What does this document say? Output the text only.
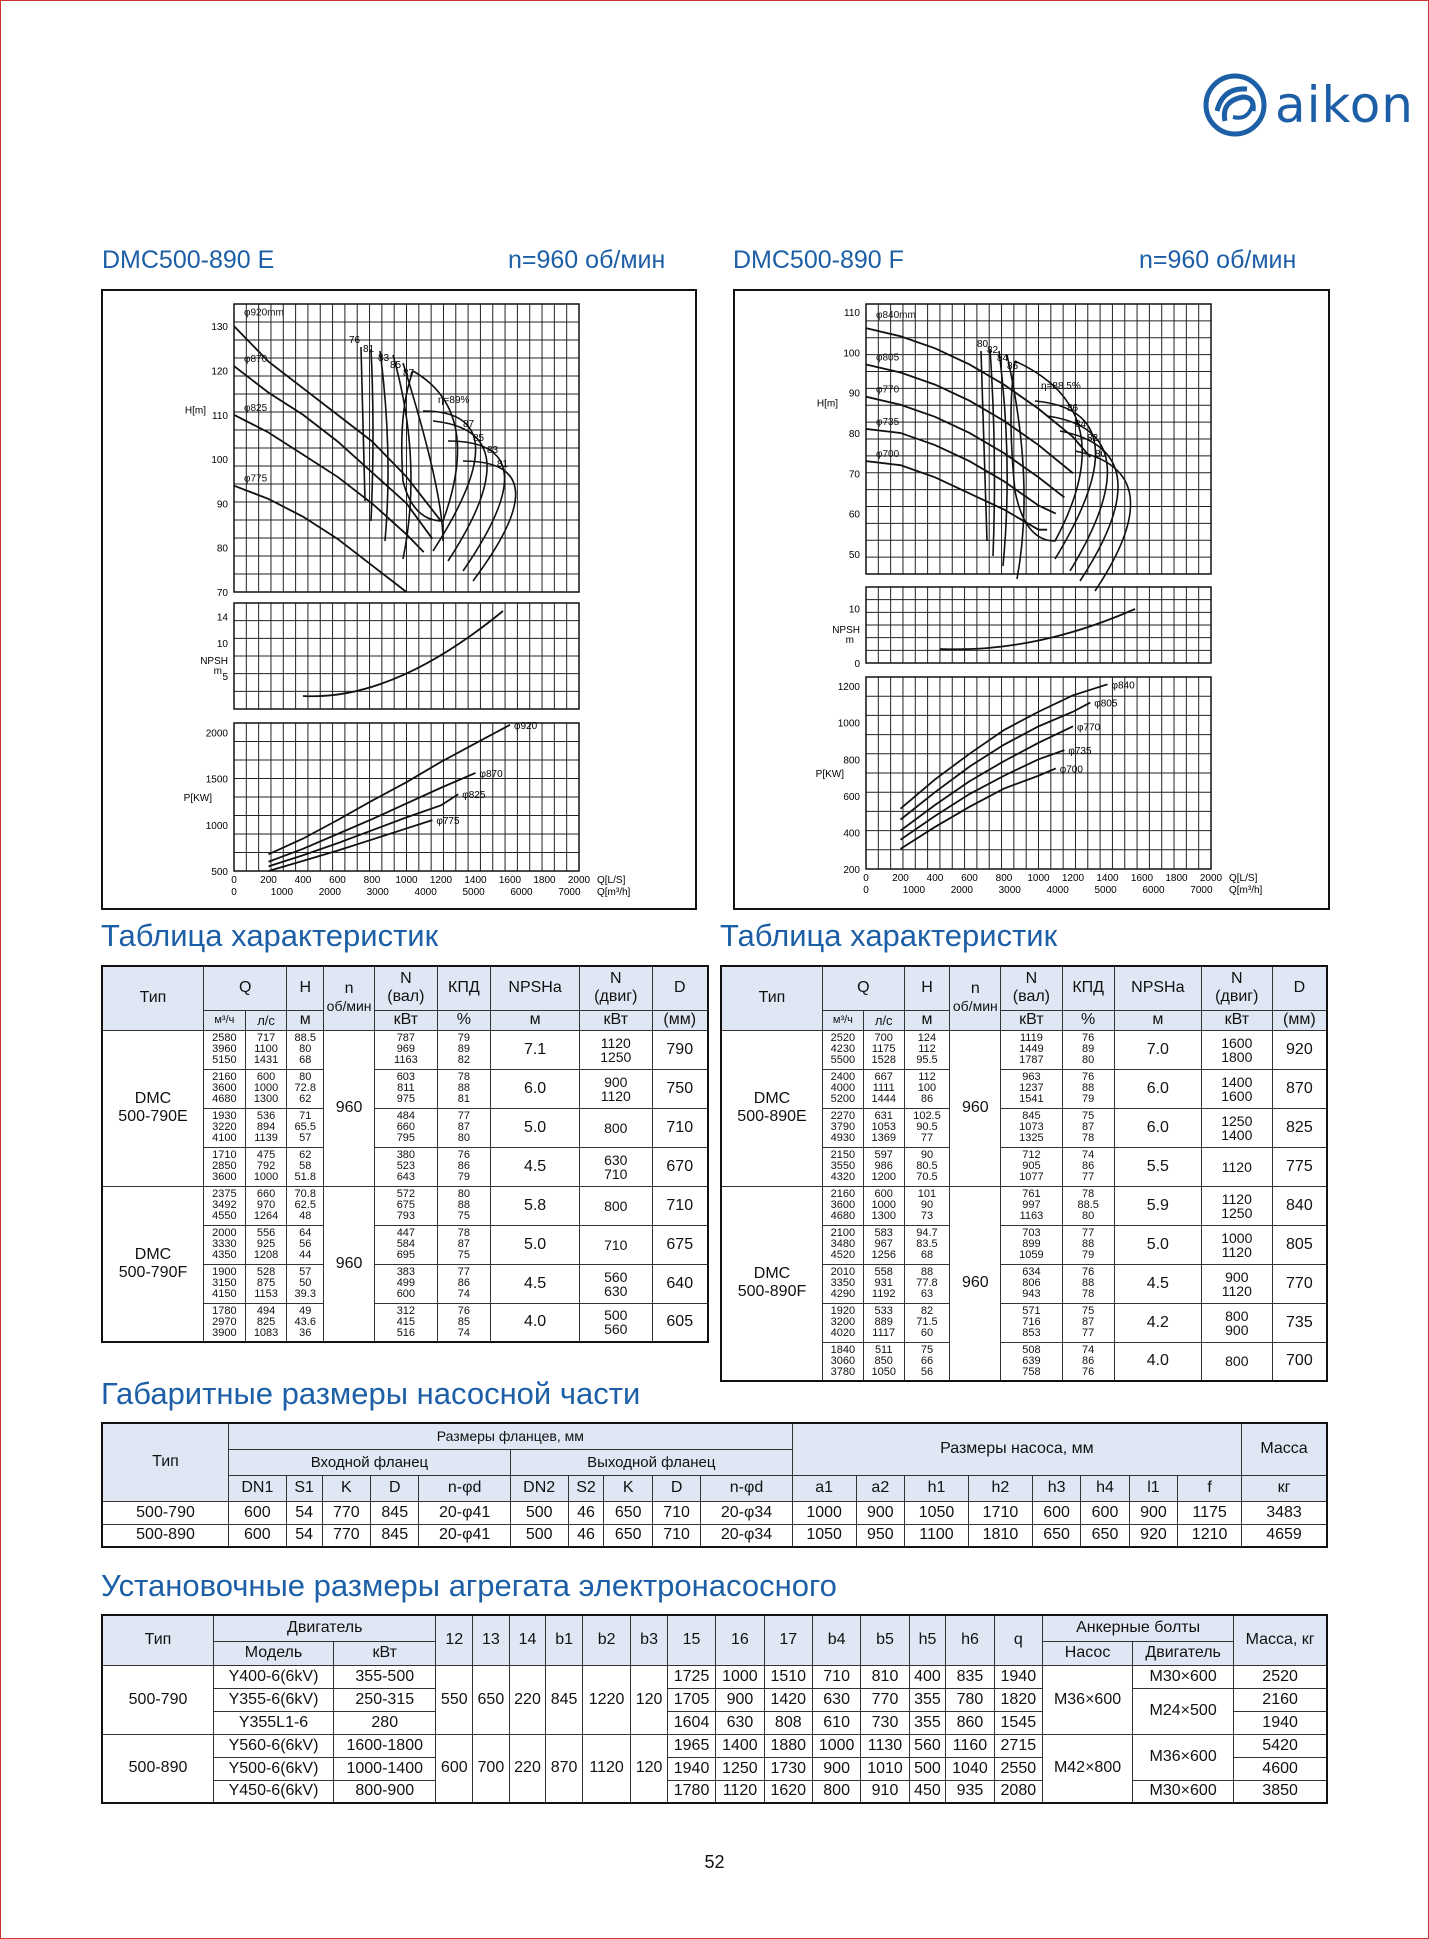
aikon
DMC500-890 E	n=960 об/мин	DMC500-890 F	n=960 об/мин
130
120
110
100
90
80
70
H[m]
14
10
5
NPSH
m
2000
1500
1000
500
P[KW]
φ920mm
φ870
φ825
φ775
76
81
83
85
87
η=89%
87
85
83
81
φ920
φ870
φ825
φ775
0 200 400 600 800 1000 1200 1400 1600 1800 2000
0	1000	2000	3000	4000	5000	6000	7000
Q[L/S]
Q[m³/h]
110
100
90
80
70
60
50
H[m]
10
0
NPSH
m
1200
1000
800
600
400
200
P[KW]
φ840mm
φ805
φ770
φ735
φ700
80
82
84
86
η=88.5%
86
84
82
80
φ840
φ805
φ770
φ735
φ700
0 200 400 600 800 1000 1200 1400 1600 1800 2000
0	1000	2000	3000	4000	5000	6000	7000
Q[L/S]
Q[m³/h]
Таблица характеристик	Таблица характеристик
Тип	Q		H	n
об/мин	N
(вал)	КПД	NPSHa	N
(двиг)	D
	м³/ч	л/с	м		кВт	%	м	кВт	(мм)
DMC
500-790E	2580
3960
5150	717
1100
1431	88.5
80
68	960	787
969
1163	79
89
82	7.1	1120
1250	790
	2160
3600
4680	600
1000
1300	80
72.8
62		603
811
975	78
88
81	6.0	900
1120	750
	1930
3220
4100	536
894
1139	71
65.5
57		484
660
795	77
87
80	5.0	800	710
	1710
2850
3600	475
792
1000	62
58
51.8		380
523
643	76
86
79	4.5	630
710	670
DMC
500-790F	2375
3492
4550	660
970
1264	70.8
62.5
48	960	572
675
793	80
88
75	5.8	800	710
	2000
3330
4350	556
925
1208	64
56
44		447
584
695	78
87
75	5.0	710	675
	1900
3150
4150	528
875
1153	57
50
39.3		383
499
600	77
86
74	4.5	560
630	640
	1780
2970
3900	494
825
1083	49
43.6
36		312
415
516	76
85
74	4.0	500
560	605
Тип	Q		H	n
об/мин	N
(вал)	КПД	NPSHa	N
(двиг)	D
	м³/ч	л/с	м		кВт	%	м	кВт	(мм)
DMC
500-890E	2520
4230
5500	700
1175
1528	124
112
95.5	960	1119
1449
1787	76
89
80	7.0	1600
1800	920
	2400
4000
5200	667
1111
1444	112
100
86		963
1237
1541	76
88
79	6.0	1400
1600	870
	2270
3790
4930	631
1053
1369	102.5
90.5
77		845
1073
1325	75
87
78	6.0	1250
1400	825
	2150
3550
4320	597
986
1200	90
80.5
70.5		712
905
1077	74
86
77	5.5	1120	775
DMC
500-890F	2160
3600
4680	600
1000
1300	101
90
73	960	761
997
1163	78
88.5
80	5.9	1120
1250	840
	2100
3480
4520	583
967
1256	94.7
83.5
68		703
899
1059	77
88
79	5.0	1000
1120	805
	2010
3350
4290	558
931
1192	88
77.8
63		634
806
943	76
88
78	4.5	900
1120	770
	1920
3200
4020	533
889
1117	82
71.5
60		571
716
853	75
87
77	4.2	800
900	735
	1840
3060
3780	511
850
1050	75
66
56		508
639
758	74
86
76	4.0	800	700
Габаритные размеры насосной части
Тип	Размеры фланцев, мм										Размеры насоса, мм								Масса
	Входной фланец					Выходной фланец													
	DN1	S1	K	D	n-φd	DN2	S2	K	D	n-φd	a1	a2	h1	h2	h3	h4	l1	f	кг
500-790	600	54	770	845	20-φ41	500	46	650	710	20-φ34	1000	900	1050	1710	600	600	900	1175	3483
500-890	600	54	770	845	20-φ41	500	46	650	710	20-φ34	1050	950	1100	1810	650	650	920	1210	4659
Установочные размеры агрегата электронасосного
Тип	Двигатель		12	13	14	b1	b2	b3	15	16	17	b4	b5	h5	h6	q	Анкерные болты		Масса, кг
	Модель	кВт															Насос	Двигатель	
500-790	Y400-6(6kV)	355-500	550	650	220	845	1220	120	1725	1000	1510	710	810	400	835	1940	M36×600	M30×600	2520
	Y355-6(6kV)	250-315							1705	900	1420	630	770	355	780	1820		M24×500	2160
	Y355L1-6	280							1604	630	808	610	730	355	860	1545			1940
500-890	Y560-6(6kV)	1600-1800	600	700	220	870	1120	120	1965	1400	1880	1000	1130	560	1160	2715	M42×800	M36×600	5420
	Y500-6(6kV)	1000-1400							1940	1250	1730	900	1010	500	1040	2550			4600
	Y450-6(6kV)	800-900							1780	1120	1620	800	910	450	935	2080		M30×600	3850
52
